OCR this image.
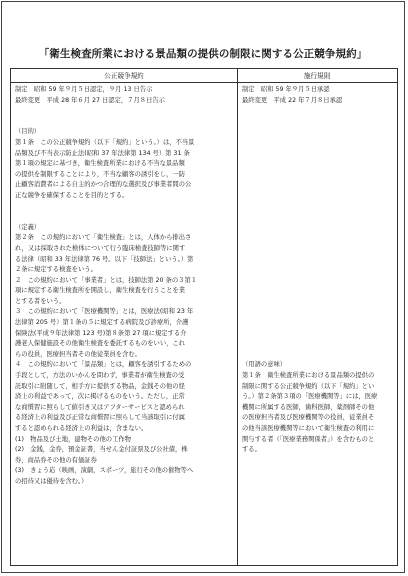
「衛生検査所業における景品類の提供の制限に関する公正競争規約」
公正競争規約	施行規則
制定　昭和 59 年９月５日認定，９月 13 日告示
最終変更　平成 28 年６月 27 日認定，７月８日告示
（目的）
第１条　この公正競争規約（以下「規約」という。）は，不当景
品類及び不当表示防止法(昭和 37 年法律第 134 号）第 31 条
第１項の規定に基づき，衛生検査所業における不当な景品類
の提供を制限することにより，不当な顧客の誘引をし，一防
止顧客消費者による自主的かつ合理的な選択及び事業者間の公
正な競争を確保することを目的とする。
（定義）
第２条　この規約において「衛生検査」とは，人体から排出さ
れ，又は採取された検体について行う臨床検査技師等に関す
る法律（昭和 33 年法律第 76 号。以下「技師法」という。）第
２条に規定する検査をいう。
２　この規約において「事業者」とは，技師法第 20 条の３第１
項に規定する衛生検査所を開設し，衛生検査を行うことを業
とする者をいう。
３　この規約において「医療機関等」とは，医療法(昭和 23 年
法律第 205 号）第１条の５に規定する病院及び診療所，介護
保険法(平成９年法律第 123 号)第８条第 27 項に規定する介
護老人保健施設その他衛生検査を委託するものをいい，これ
らの役員，医療担当者その他従業員を含む。
４　この規約において「景品類」とは，顧客を誘引するための
手段として，方法のいかんを問わず，事業者が衛生検査の受
託取引に附随して，相手方に提供する物品，金銭その他の経
済上の利益であって，次に掲げるものをいう。ただし，正常
な商慣習に照らして値引き又はアフターサービスと認められ
る経済上の利益及び正常な商慣習に照らして当該取引に付属
すると認められる経済上の利益は，含まない。
(1)　物品及び土地，建物その他の工作物
(2)　金銭，金券，預金証書，当せん金付証票及び公社債，株
券，商品券その他の有価証券
(3)　きょう応（映画，演劇，スポーツ，旅行その他の催物等へ
の招待又は優待を含む。）
制定　昭和 59 年９月５日承認
最終変更　平成 22 年７月８日承認
（用語の意味）
第１条　衛生検査所業における景品類の提供の
制限に関する公正競争規約（以下「規約」とい
う。）第２条第３項の「医療機関等」には，医療
機関に所属する医師，歯科医師，薬剤師その他
の医療担当者及び医療機関等の役員，従業員そ
の他当該医療機関等において衛生検査の利用に
関与する者（「医療業務関係者」）を含むものと
する。
